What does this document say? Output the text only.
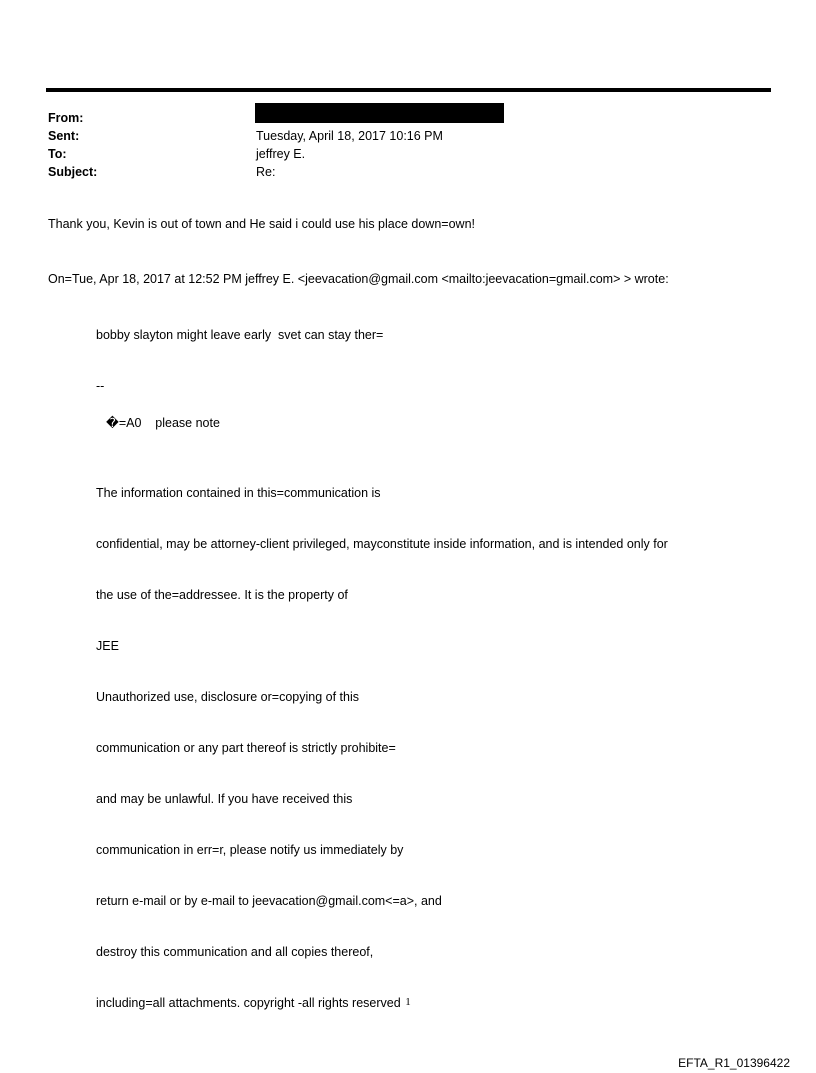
From:
Sent:	Tuesday, April 18, 2017 10:16 PM
To:	jeffrey E.
Subject:	Re:
Thank you, Kevin is out of town and He said i could use his place down=own!
On=Tue, Apr 18, 2017 at 12:52 PM jeffrey E. <jeevacation@gmail.com <mailto:jeevacation=gmail.com> > wrote:
bobby slayton might leave early  svet can stay ther=
--
�=A0    please note

The information contained in this=communication is

confidential, may be attorney-client privileged, mayconstitute inside information, and is intended only for

the use of the=addressee. It is the property of

JEE

Unauthorized use, disclosure or=copying of this

communication or any part thereof is strictly prohibite=

and may be unlawful. If you have received this

communication in err=r, please notify us immediately by

return e-mail or by e-mail to jeevacation@gmail.com<=a>, and

destroy this communication and all copies thereof,

including=all attachments. copyright -all rights reserved 1
EFTA_R1_01396422
